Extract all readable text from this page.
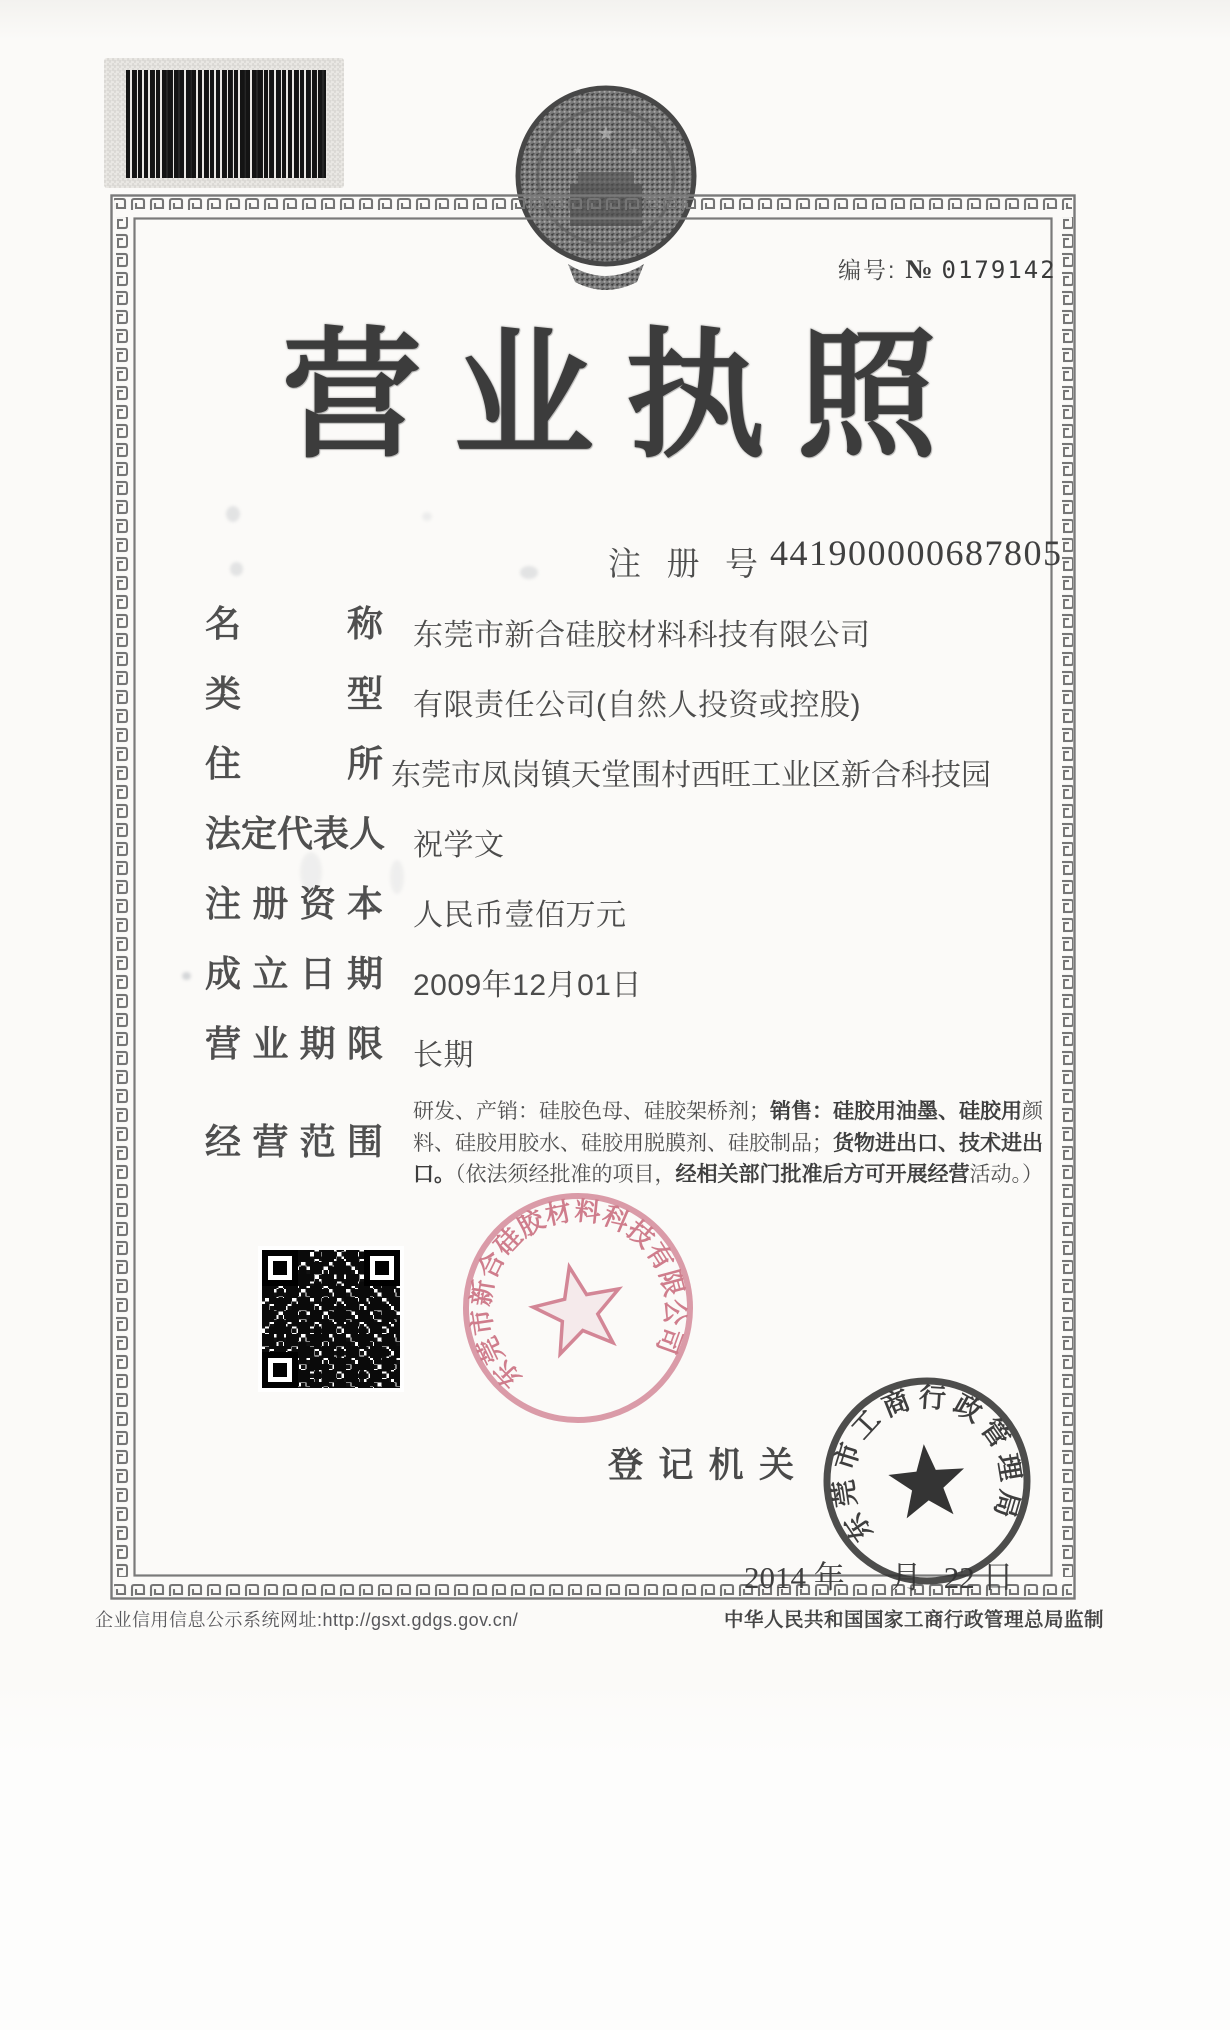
★
★	★
编号: № 0179142
营 业 执 照
注 册 号 441900000687805
名	称 东莞市新合硅胶材料科技有限公司
类	型 有限责任公司(自然人投资或控股)
住	所 东莞市凤岗镇天堂围村西旺工业区新合科技园
法 定 代 表 人 祝学文
注 册 资 本 人民币壹佰万元
成 立 日 期 2009年12月01日
营 业 期 限 长期
经 营 范 围
研发、产销：硅胶色母、硅胶架桥剂；销售：硅胶用油墨、硅胶用颜料、硅胶用胶水、硅胶用脱膜剂、硅胶制品；货物进出口、技术进出口。（依法须经批准的项目，经相关部门批准后方可开展经营活动。）
东莞市新合硅胶材料科技有限公司
登 记 机 关
2014 年 月 22 日
东莞市工商行政管理局
企业信用信息公示系统网址:http://gsxt.gdgs.gov.cn/	中华人民共和国国家工商行政管理总局监制
